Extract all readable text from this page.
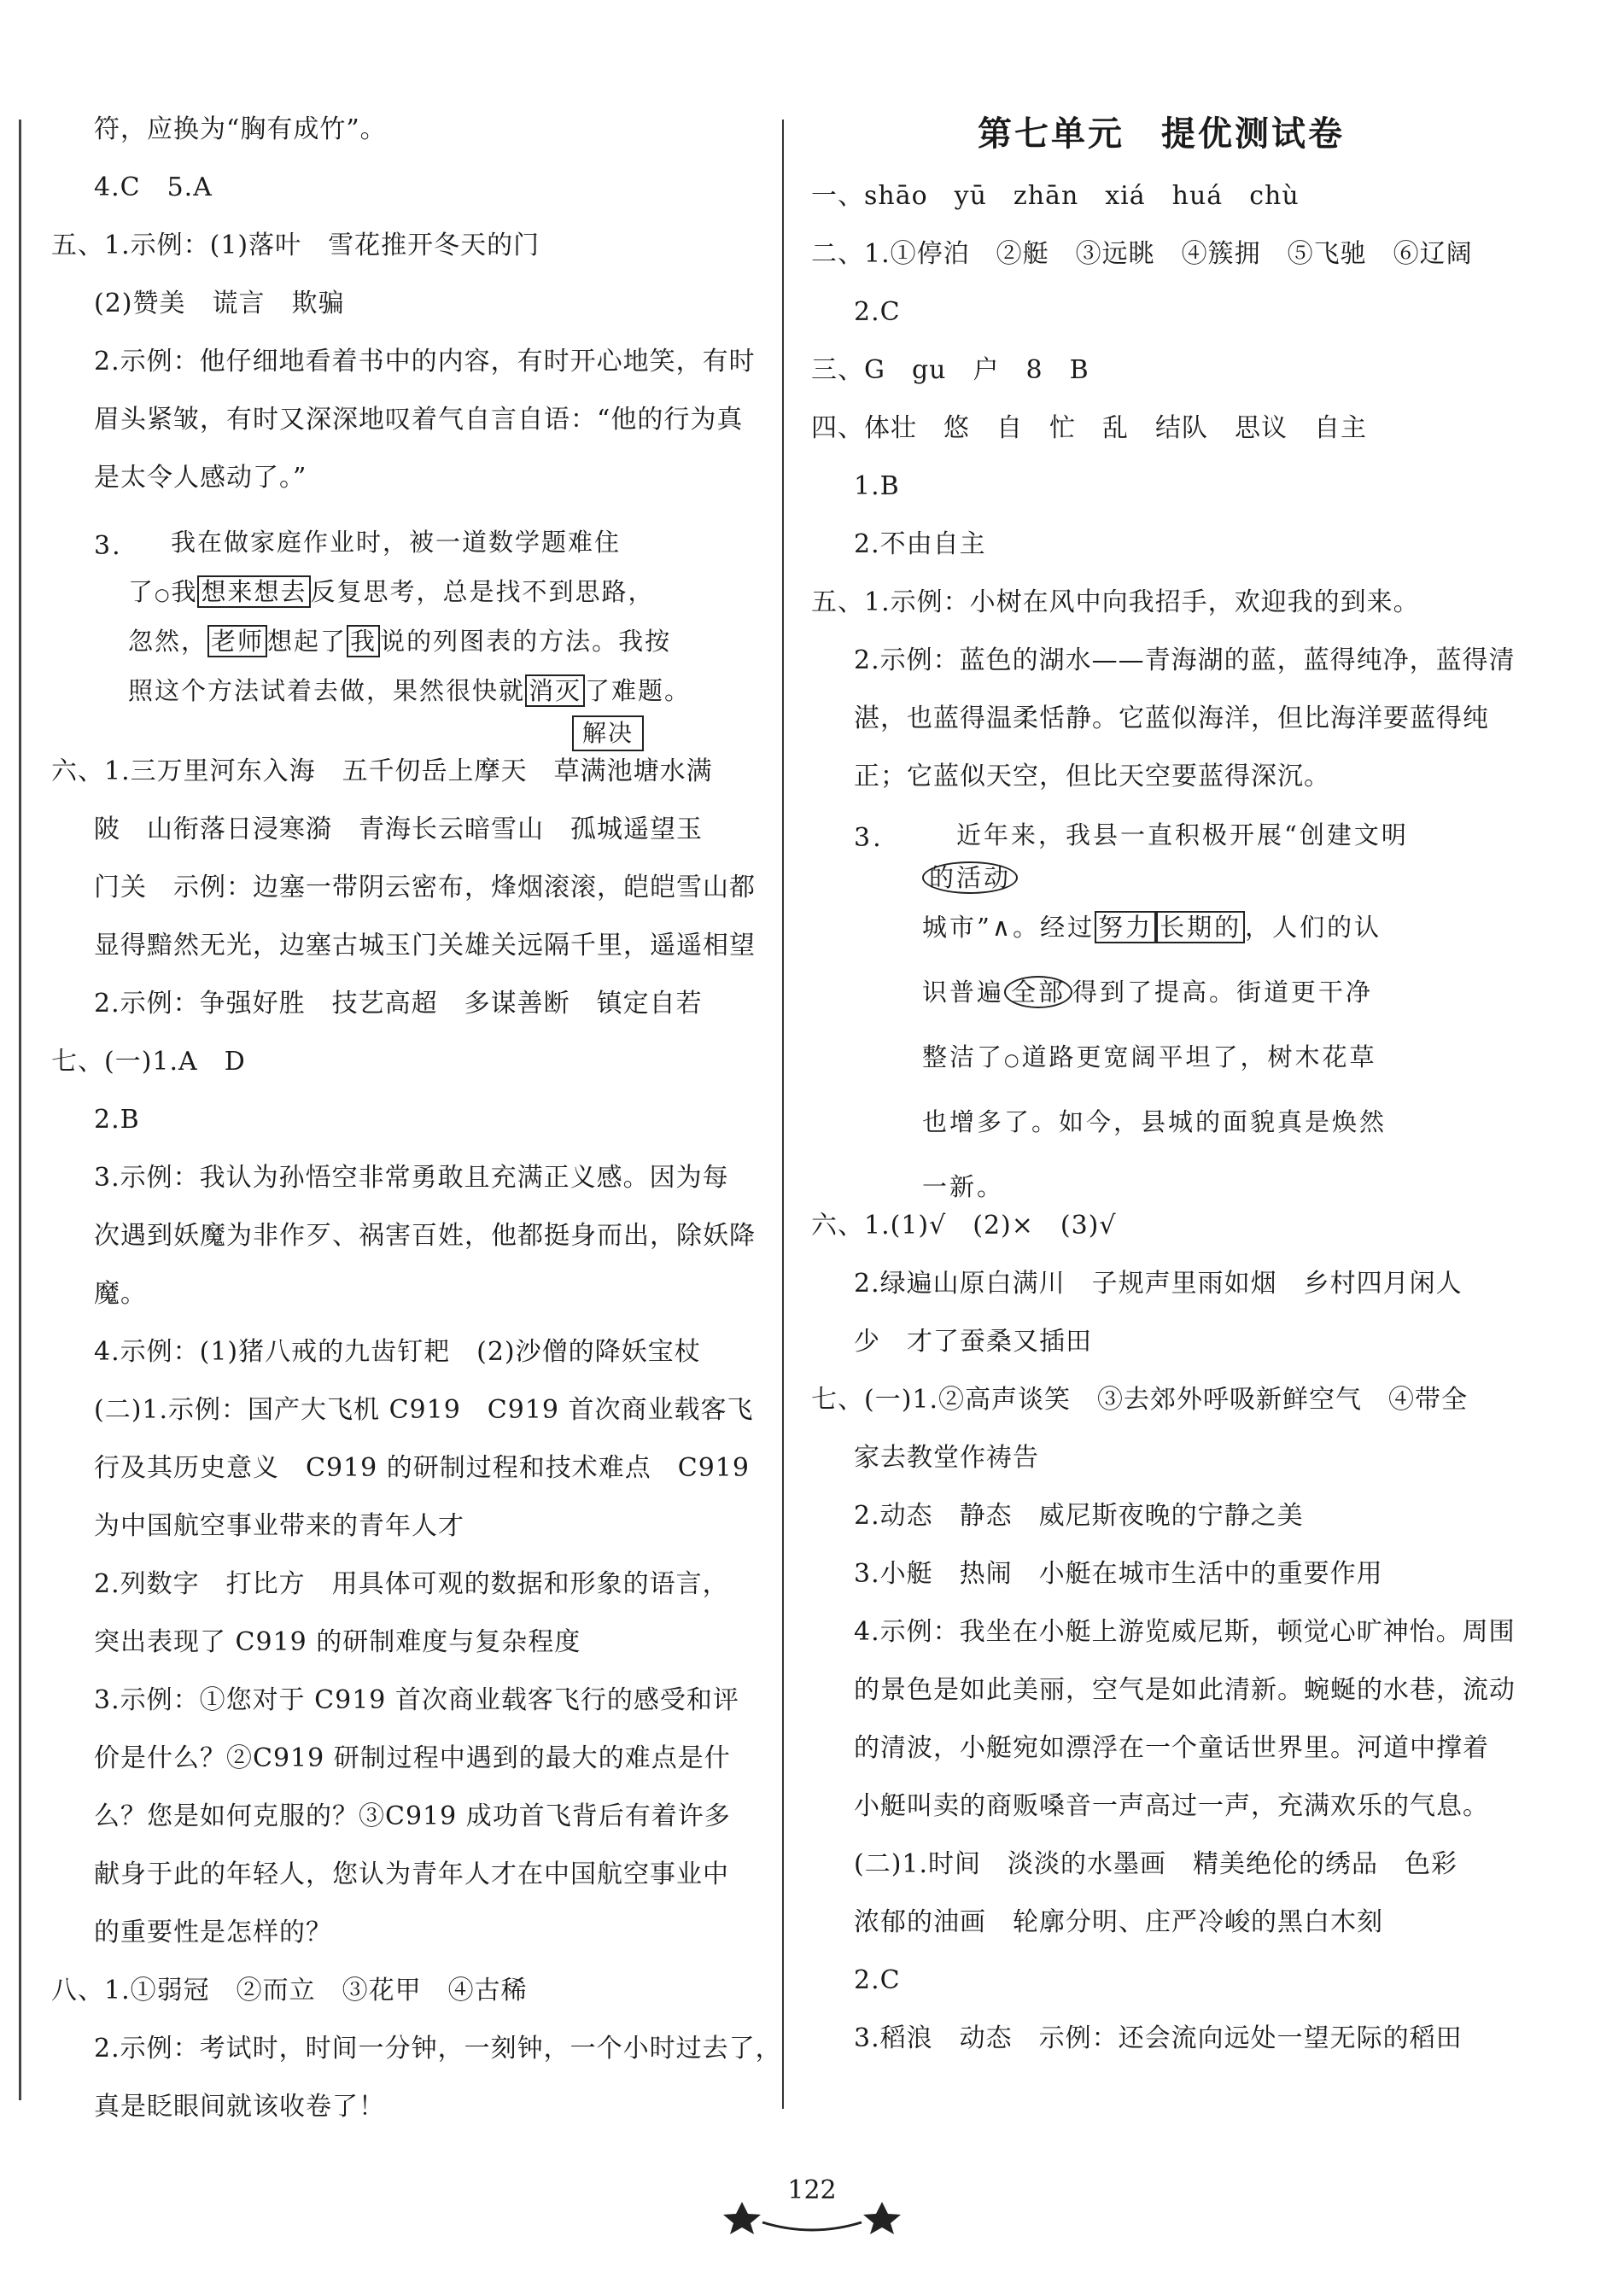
符，应换为“胸有成竹”。
4.C　5.A
五、1.示例：(1)落叶　雪花推开冬天的门
(2)赞美　谎言　欺骗
2.示例：他仔细地看着书中的内容，有时开心地笑，有时
眉头紧皱，有时又深深地叹着气自言自语：“他的行为真
是太令人感动了。”
3.	我在做家庭作业时，被一道数学题难住
了○我 想来想去 反复思考，总是找不到思路，
忽然， 老师 想起了 我 说的列图表的方法。我按
照这个方法试着去做，果然很快就 消灭 了难题。
解决
六、1.三万里河东入海　五千仞岳上摩天　草满池塘水满
陂　山衔落日浸寒漪　青海长云暗雪山　孤城遥望玉
门关　示例：边塞一带阴云密布，烽烟滚滚，皑皑雪山都
显得黯然无光，边塞古城玉门关雄关远隔千里，遥遥相望
2.示例：争强好胜　技艺高超　多谋善断　镇定自若
七、(一)1.A　D
2.B
3.示例：我认为孙悟空非常勇敢且充满正义感。因为每
次遇到妖魔为非作歹、祸害百姓，他都挺身而出，除妖降
魔。
4.示例：(1)猪八戒的九齿钉耙　(2)沙僧的降妖宝杖
(二)1.示例：国产大飞机 C919　C919 首次商业载客飞
行及其历史意义　C919 的研制过程和技术难点　C919
为中国航空事业带来的青年人才
2.列数字　打比方　用具体可观的数据和形象的语言，
突出表现了 C919 的研制难度与复杂程度
3.示例：①您对于 C919 首次商业载客飞行的感受和评
价是什么？②C919 研制过程中遇到的最大的难点是什
么？您是如何克服的？③C919 成功首飞背后有着许多
献身于此的年轻人，您认为青年人才在中国航空事业中
的重要性是怎样的？
八、1.①弱冠　②而立　③花甲　④古稀
2.示例：考试时，时间一分钟，一刻钟，一个小时过去了，
真是眨眼间就该收卷了！
第七单元　提优测试卷
一、shāo　yū　zhān　xiá　huá　chù
二、1.①停泊　②艇　③远眺　④簇拥　⑤飞驰　⑥辽阔
2.C
三、G　gu　户　8　B
四、体壮　悠　自　忙　乱　结队　思议　自主
1.B
2.不由自主
五、1.示例：小树在风中向我招手，欢迎我的到来。
2.示例：蓝色的湖水——青海湖的蓝，蓝得纯净，蓝得清
湛，也蓝得温柔恬静。它蓝似海洋，但比海洋要蓝得纯
正；它蓝似天空，但比天空要蓝得深沉。
3.	近年来，我县一直积极开展“创建文明
的活动
城市”∧。经过 努力 长期的 ，人们的认
识普遍 全部 得到了提高。街道更干净
整洁了○道路更宽阔平坦了，树木花草
也增多了。如今，县城的面貌真是焕然
一新。
六、1.(1)√　(2)×　(3)√
2.绿遍山原白满川　子规声里雨如烟　乡村四月闲人
少　才了蚕桑又插田
七、(一)1.②高声谈笑　③去郊外呼吸新鲜空气　④带全
家去教堂作祷告
2.动态　静态　威尼斯夜晚的宁静之美
3.小艇　热闹　小艇在城市生活中的重要作用
4.示例：我坐在小艇上游览威尼斯，顿觉心旷神怡。周围
的景色是如此美丽，空气是如此清新。蜿蜒的水巷，流动
的清波，小艇宛如漂浮在一个童话世界里。河道中撑着
小艇叫卖的商贩嗓音一声高过一声，充满欢乐的气息。
(二)1.时间　淡淡的水墨画　精美绝伦的绣品　色彩
浓郁的油画　轮廓分明、庄严冷峻的黑白木刻
2.C
3.稻浪　动态　示例：还会流向远处一望无际的稻田
122
